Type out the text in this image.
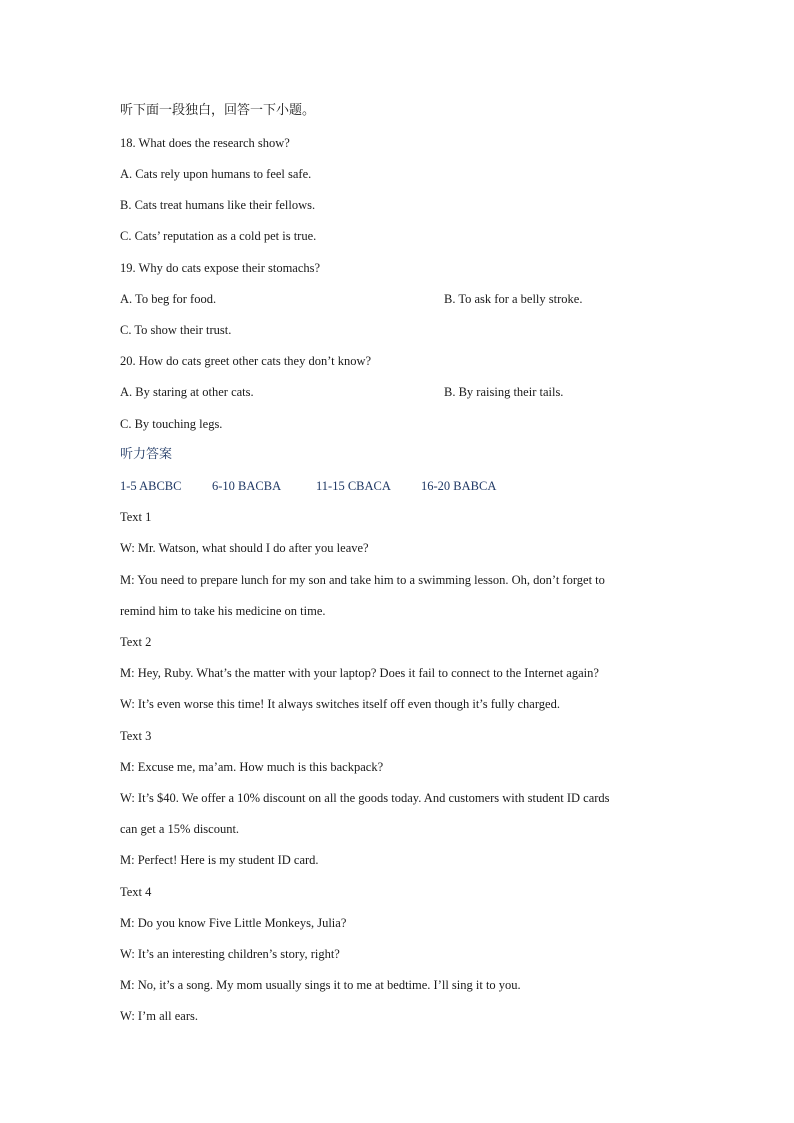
听下面一段独白，回答一下小题。
18. What does the research show?
A. Cats rely upon humans to feel safe.
B. Cats treat humans like their fellows.
C. Cats’ reputation as a cold pet is true.
19. Why do cats expose their stomachs?
A. To beg for food.	B. To ask for a belly stroke.
C. To show their trust.
20. How do cats greet other cats they don’t know?
A. By staring at other cats.	B. By raising their tails.
C. By touching legs.
听力答案
1-5 ABCBC 6-10 BACBA	11-15 CBACA 16-20 BABCA
Text 1
W: Mr. Watson, what should I do after you leave?
M: You need to prepare lunch for my son and take him to a swimming lesson. Oh, don’t forget to
remind him to take his medicine on time.
Text 2
M: Hey, Ruby. What’s the matter with your laptop? Does it fail to connect to the Internet again?
W: It’s even worse this time! It always switches itself off even though it’s fully charged.
Text 3
M: Excuse me, ma’am. How much is this backpack?
W: It’s $40. We offer a 10% discount on all the goods today. And customers with student ID cards
can get a 15% discount.
M: Perfect! Here is my student ID card.
Text 4
M: Do you know Five Little Monkeys, Julia?
W: It’s an interesting children’s story, right?
M: No, it’s a song. My mom usually sings it to me at bedtime. I’ll sing it to you.
W: I’m all ears.
